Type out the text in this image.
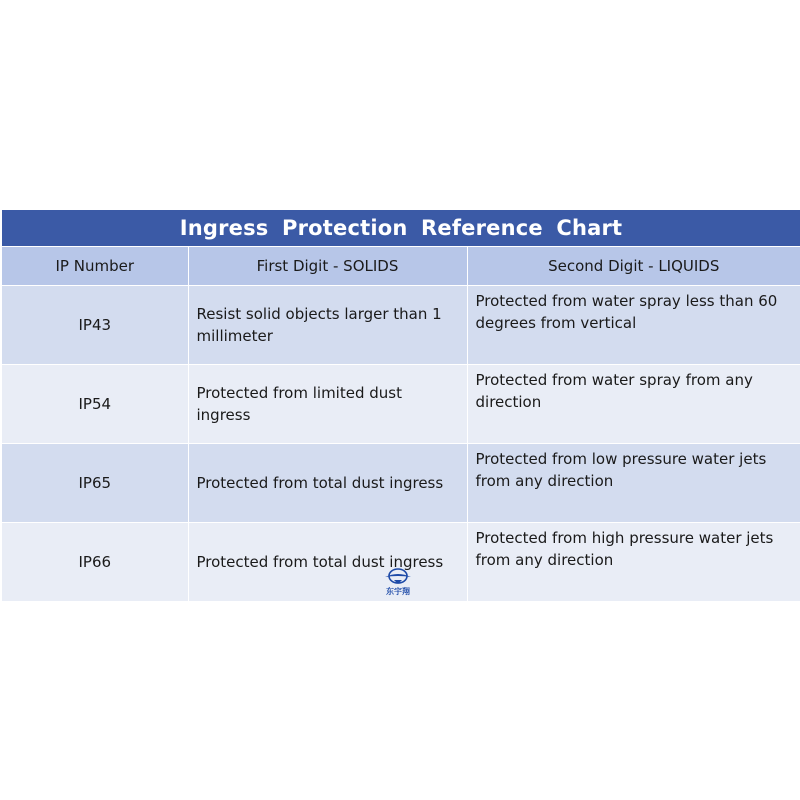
Ingress Protection Reference Chart
IP Number	First Digit - SOLIDS	Second Digit - LIQUIDS
IP43	Resist solid objects larger than 1 millimeter	Protected from water spray less than 60 degrees from vertical
IP54	Protected from limited dust ingress	Protected from water spray from any direction
IP65	Protected from total dust ingress	Protected from low pressure water jets from any direction
IP66	Protected from total dust ingress	Protected from high pressure water jets from any direction
东宇翔
